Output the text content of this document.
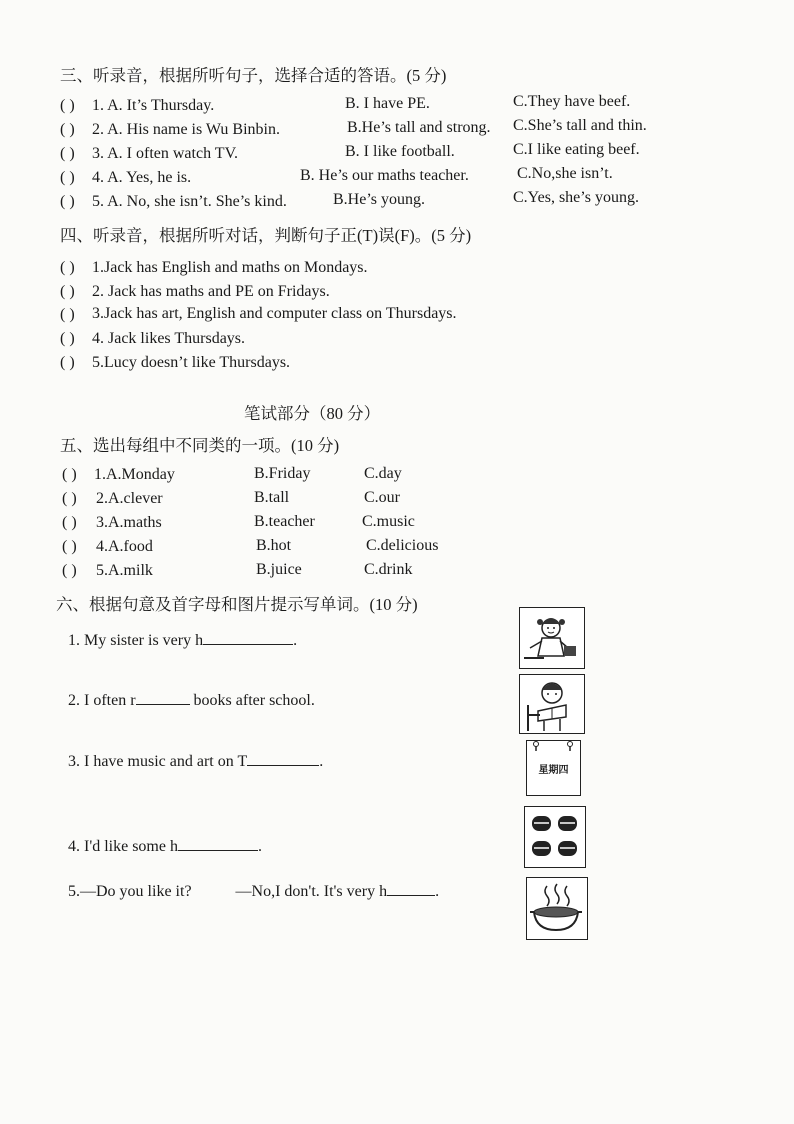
三、听录音，根据所听句子，选择合适的答语。(5 分)
( ) 1. A. It’s Thursday.	B. I have PE.	C.They have beef.
( ) 2. A. His name is Wu Binbin.	B.He’s tall and strong. C.She’s tall and thin.
( ) 3. A. I often watch TV.	B. I like football.	C.I like eating beef.
( ) 4. A. Yes, he is.	B. He’s our maths teacher.	C.No,she isn’t.
( ) 5. A. No, she isn’t. She’s kind.	B.He’s young.	C.Yes, she’s young.
四、听录音，根据所听对话，判断句子正(T)误(F)。(5 分)
( ) 1.Jack has English and maths on Mondays.
( ) 2. Jack has maths and PE on Fridays.
( ) 3.Jack has art, English and computer class on Thursdays.
( ) 4. Jack likes Thursdays.
( ) 5.Lucy doesn’t like Thursdays.
笔试部分（80 分）
五、选出每组中不同类的一项。(10 分)
( ) 1.A.Monday	B.Friday	C.day
( ) 2.A.clever	B.tall	C.our
( ) 3.A.maths	B.teacher	C.music
( ) 4.A.food	B.hot	C.delicious
( ) 5.A.milk	B.juice	C.drink
六、根据句意及首字母和图片提示写单词。(10 分)
1. My sister is very h	.
2. I often r	books after school.
3. I have music and art on T	.
4. I'd like some h	.
5.—Do you like it?	—No,I don't. It's very h	.
星期四
